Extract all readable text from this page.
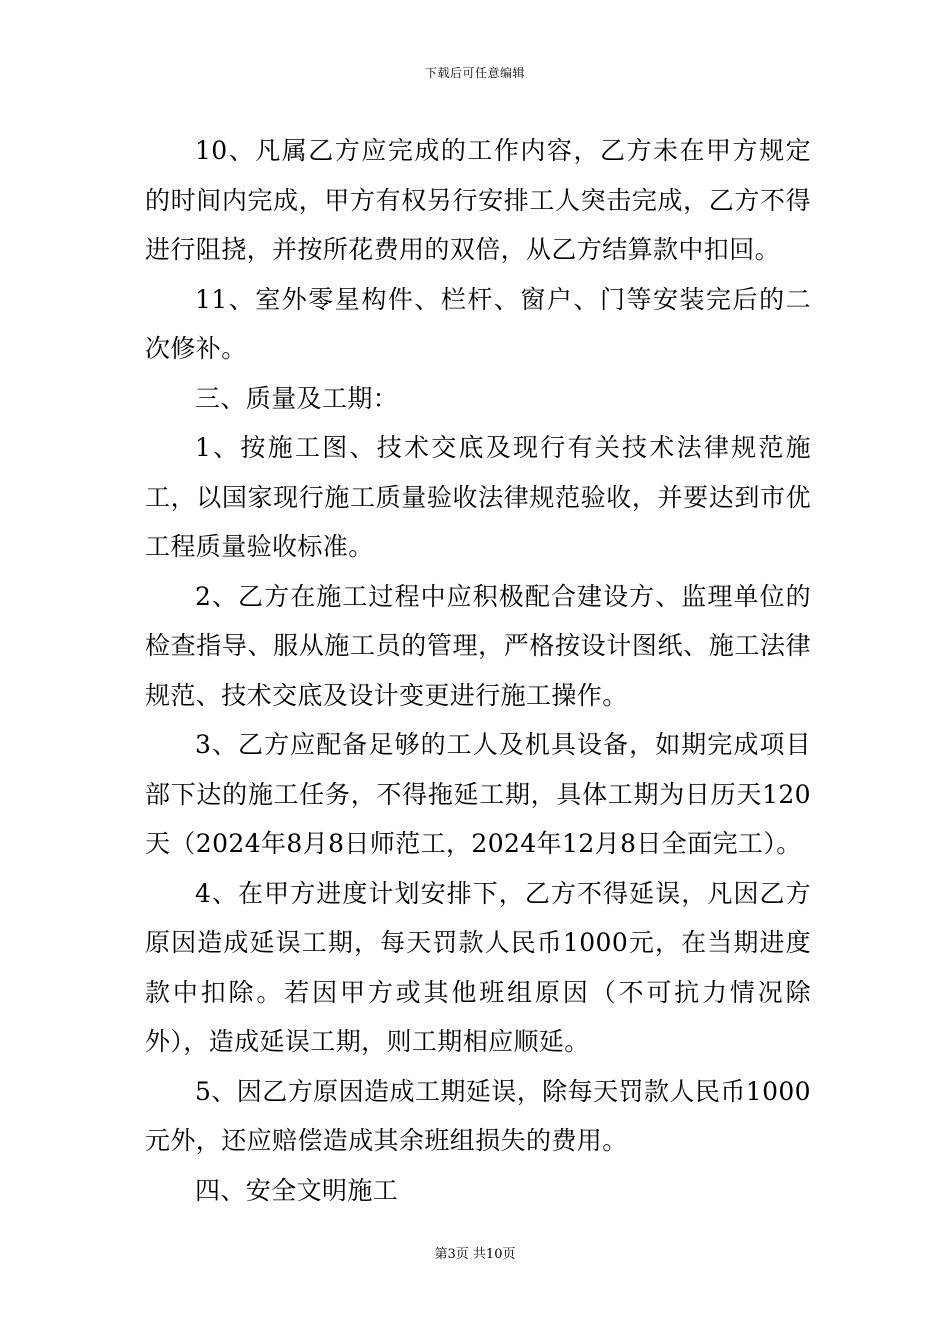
下载后可任意编辑

10、凡属乙方应完成的工作内容，乙方未在甲方规定的时间内完成，甲方有权另行安排工人突击完成，乙方不得进行阻挠，并按所花费用的双倍，从乙方结算款中扣回。

11、室外零星构件、栏杆、窗户、门等安装完后的二次修补。

三、质量及工期：

1、按施工图、技术交底及现行有关技术法律规范施工，以国家现行施工质量验收法律规范验收，并要达到市优工程质量验收标准。

2、乙方在施工过程中应积极配合建设方、监理单位的检查指导、服从施工员的管理，严格按设计图纸、施工法律规范、技术交底及设计变更进行施工操作。

3、乙方应配备足够的工人及机具设备，如期完成项目部下达的施工任务，不得拖延工期，具体工期为日历天120天（2024年8月8日师范工，2024年12月8日全面完工）。

4、在甲方进度计划安排下，乙方不得延误，凡因乙方原因造成延误工期，每天罚款人民币1000元，在当期进度款中扣除。若因甲方或其他班组原因（不可抗力情况除外），造成延误工期，则工期相应顺延。

5、因乙方原因造成工期延误，除每天罚款人民币1000元外，还应赔偿造成其余班组损失的费用。

四、安全文明施工

第3页 共10页
